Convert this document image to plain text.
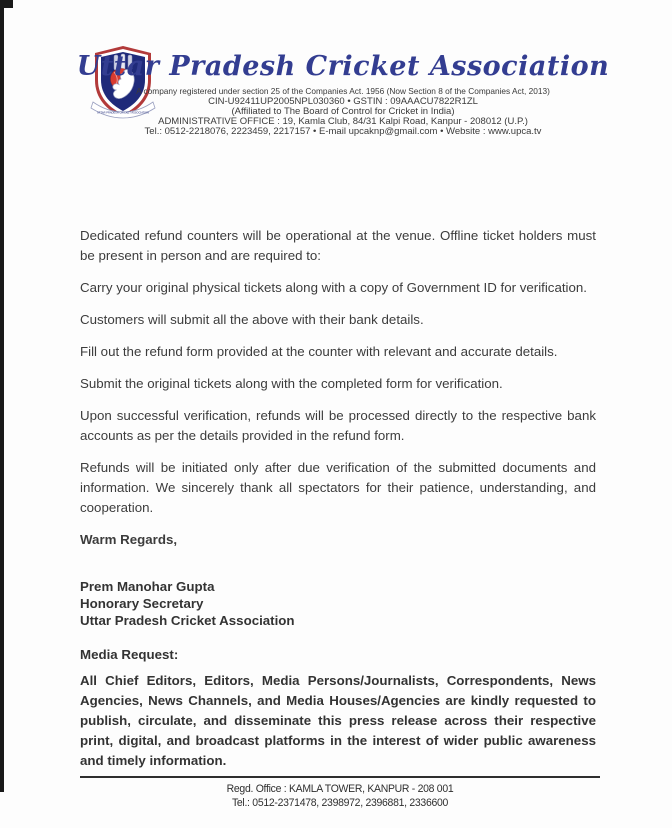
UTTAR PRADESH CRICKET ASSOCIATION
Uttar Pradesh Cricket Association
A company registered under section 25 of the Companies Act. 1956 (Now Section 8 of the Companies Act, 2013)
CIN-U92411UP2005NPL030360 • GSTIN : 09AAACU7822R1ZL
(Affiliated to The Board of Control for Cricket in India)
ADMINISTRATIVE OFFICE : 19, Kamla Club, 84/31 Kalpi Road, Kanpur - 208012 (U.P.)
Tel.: 0512-2218076, 2223459, 2217157 • E-mail upcaknp@gmail.com • Website : www.upca.tv

Dedicated refund counters will be operational at the venue. Offline ticket holders must be present in person and are required to:

Carry your original physical tickets along with a copy of Government ID for verification.

Customers will submit all the above with their bank details.

Fill out the refund form provided at the counter with relevant and accurate details.

Submit the original tickets along with the completed form for verification.

Upon successful verification, refunds will be processed directly to the respective bank accounts as per the details provided in the refund form.

Refunds will be initiated only after due verification of the submitted documents and information. We sincerely thank all spectators for their patience, understanding, and cooperation.

Warm Regards,

Prem Manohar Gupta
Honorary Secretary
Uttar Pradesh Cricket Association
Media Request:
All Chief Editors, Editors, Media Persons/Journalists, Correspondents, News Agencies, News Channels, and Media Houses/Agencies are kindly requested to publish, circulate, and disseminate this press release across their respective print, digital, and broadcast platforms in the interest of wider public awareness and timely information.
Regd. Office : KAMLA TOWER, KANPUR - 208 001
Tel.: 0512-2371478, 2398972, 2396881, 2336600
